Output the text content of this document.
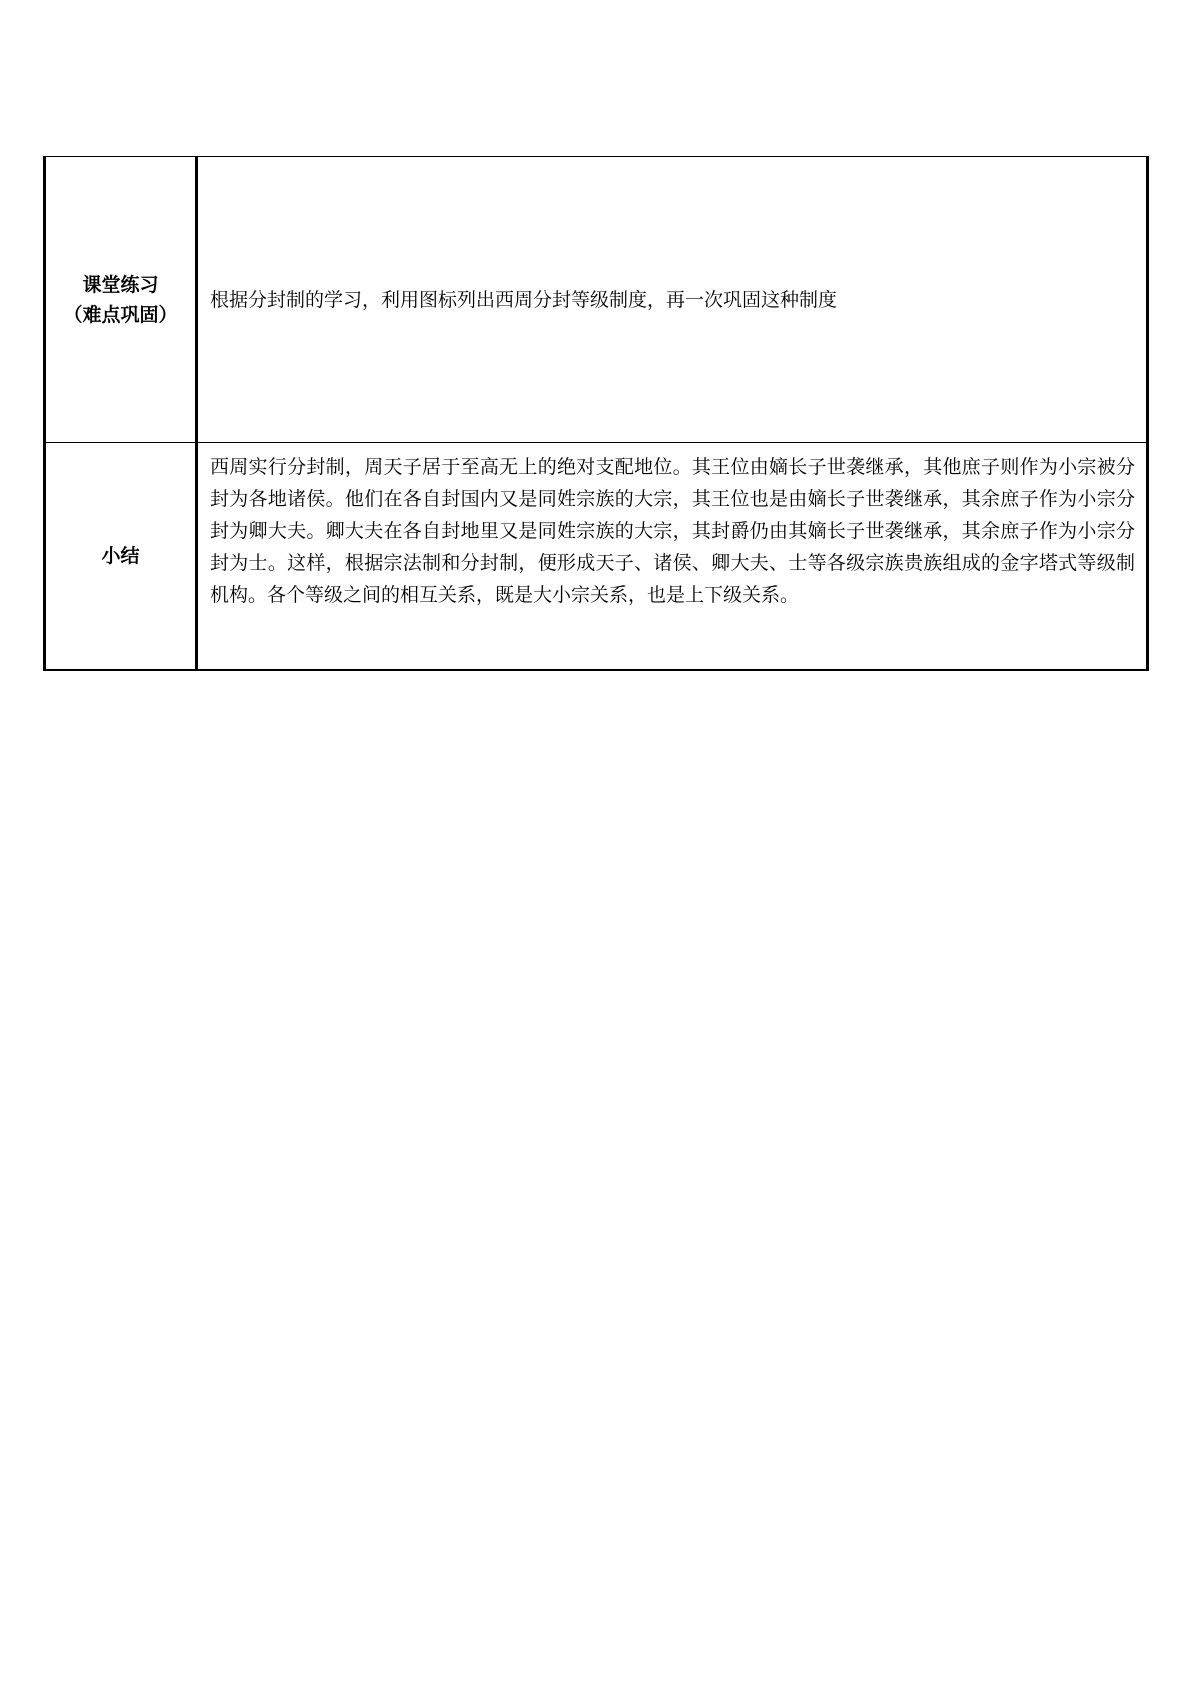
课堂练习
（难点巩固）	根据分封制的学习，利用图标列出西周分封等级制度，再一次巩固这种制度
小结	西周实行分封制，周天子居于至高无上的绝对支配地位。其王位由嫡长子世袭继承，其他庶子则作为小宗被分封为各地诸侯。他们在各自封国内又是同姓宗族的大宗，其王位也是由嫡长子世袭继承，其余庶子作为小宗分封为卿大夫。卿大夫在各自封地里又是同姓宗族的大宗，其封爵仍由其嫡长子世袭继承，其余庶子作为小宗分封为士。这样，根据宗法制和分封制，便形成天子、诸侯、卿大夫、士等各级宗族贵族组成的金字塔式等级制机构。各个等级之间的相互关系，既是大小宗关系，也是上下级关系。
